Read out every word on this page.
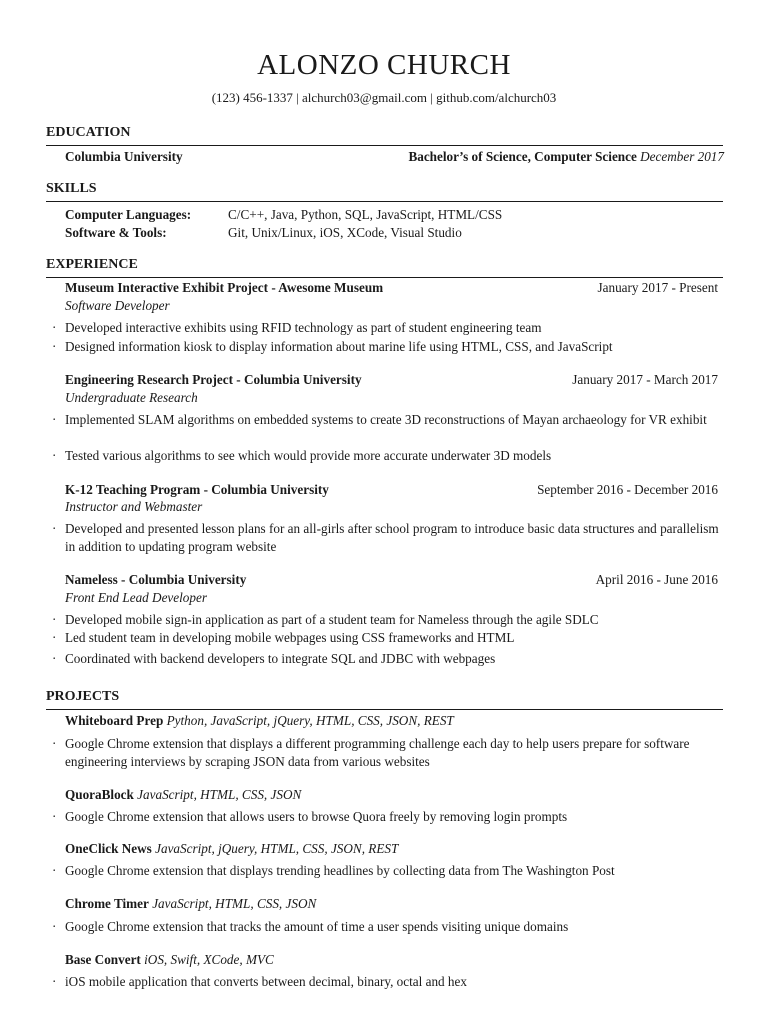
ALONZO CHURCH
(123) 456-1337 | alchurch03@gmail.com | github.com/alchurch03
EDUCATION
Columbia University	Bachelor’s of Science, Computer Science December 2017
SKILLS
Computer Languages:	C/C++, Java, Python, SQL, JavaScript, HTML/CSS
Software & Tools:	Git, Unix/Linux, iOS, XCode, Visual Studio
EXPERIENCE
Museum Interactive Exhibit Project - Awesome Museum	January 2017 - Present
Software Developer
· Developed interactive exhibits using RFID technology as part of student engineering team
· Designed information kiosk to display information about marine life using HTML, CSS, and JavaScript
Engineering Research Project - Columbia University	January 2017 - March 2017
Undergraduate Research
· Implemented SLAM algorithms on embedded systems to create 3D reconstructions of Mayan archaeology for VR exhibit
· Tested various algorithms to see which would provide more accurate underwater 3D models
K-12 Teaching Program - Columbia University	September 2016 - December 2016
Instructor and Webmaster
· Developed and presented lesson plans for an all-girls after school program to introduce basic data structures and parallelism in addition to updating program website
Nameless - Columbia University	April 2016 - June 2016
Front End Lead Developer
· Developed mobile sign-in application as part of a student team for Nameless through the agile SDLC
· Led student team in developing mobile webpages using CSS frameworks and HTML
· Coordinated with backend developers to integrate SQL and JDBC with webpages
PROJECTS
Whiteboard Prep Python, JavaScript, jQuery, HTML, CSS, JSON, REST
· Google Chrome extension that displays a different programming challenge each day to help users prepare for software engineering interviews by scraping JSON data from various websites
QuoraBlock JavaScript, HTML, CSS, JSON
· Google Chrome extension that allows users to browse Quora freely by removing login prompts
OneClick News JavaScript, jQuery, HTML, CSS, JSON, REST
· Google Chrome extension that displays trending headlines by collecting data from The Washington Post
Chrome Timer JavaScript, HTML, CSS, JSON
· Google Chrome extension that tracks the amount of time a user spends visiting unique domains
Base Convert iOS, Swift, XCode, MVC
· iOS mobile application that converts between decimal, binary, octal and hex
